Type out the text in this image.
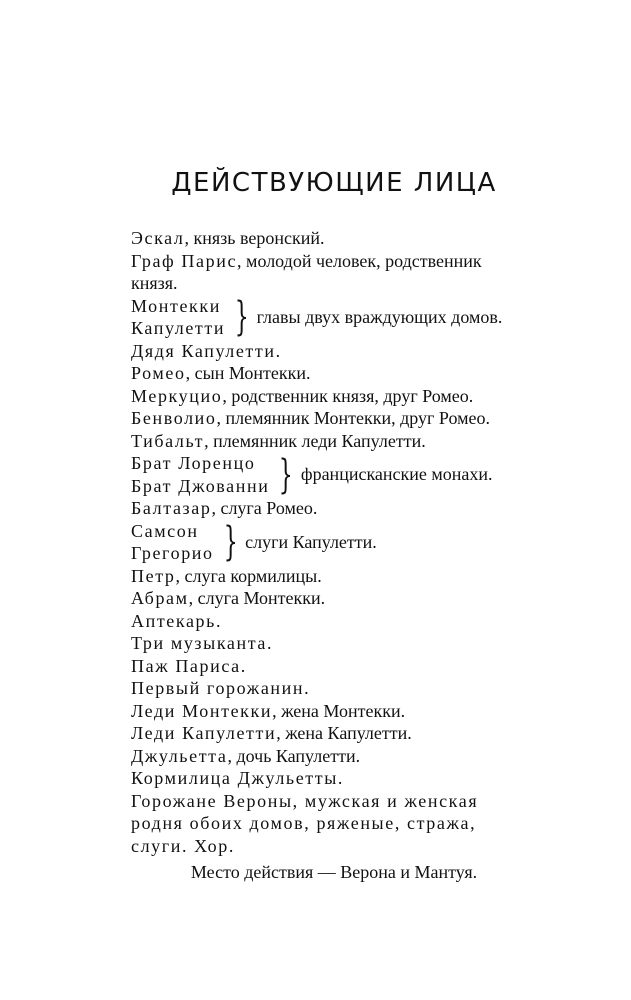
ДЕЙСТВУЮЩИЕ ЛИЦА
Эскал, князь веронский.
Граф Парис, молодой человек, родственник
князя.
Монтекки
Капулетти } главы двух враждующих домов.
Дядя Капулетти.
Ромео, сын Монтекки.
Меркуцио, родственник князя, друг Ромео.
Бенволио, племянник Монтекки, друг Ромео.
Тибальт, племянник леди Капулетти.
Брат Лоренцо
Брат Джованни } францисканские монахи.
Балтазар, слуга Ромео.
Самсон
Грегорио } слуги Капулетти.
Петр, слуга кормилицы.
Абрам, слуга Монтекки.
Аптекарь.
Три музыканта.
Паж Париса.
Первый горожанин.
Леди Монтекки, жена Монтекки.
Леди Капулетти, жена Капулетти.
Джульетта, дочь Капулетти.
Кормилица Джульетты.
Горожане Вероны, мужская и женская
родня обоих домов, ряженые, стража,
слуги. Хор.
Место действия — Верона и Мантуя.
